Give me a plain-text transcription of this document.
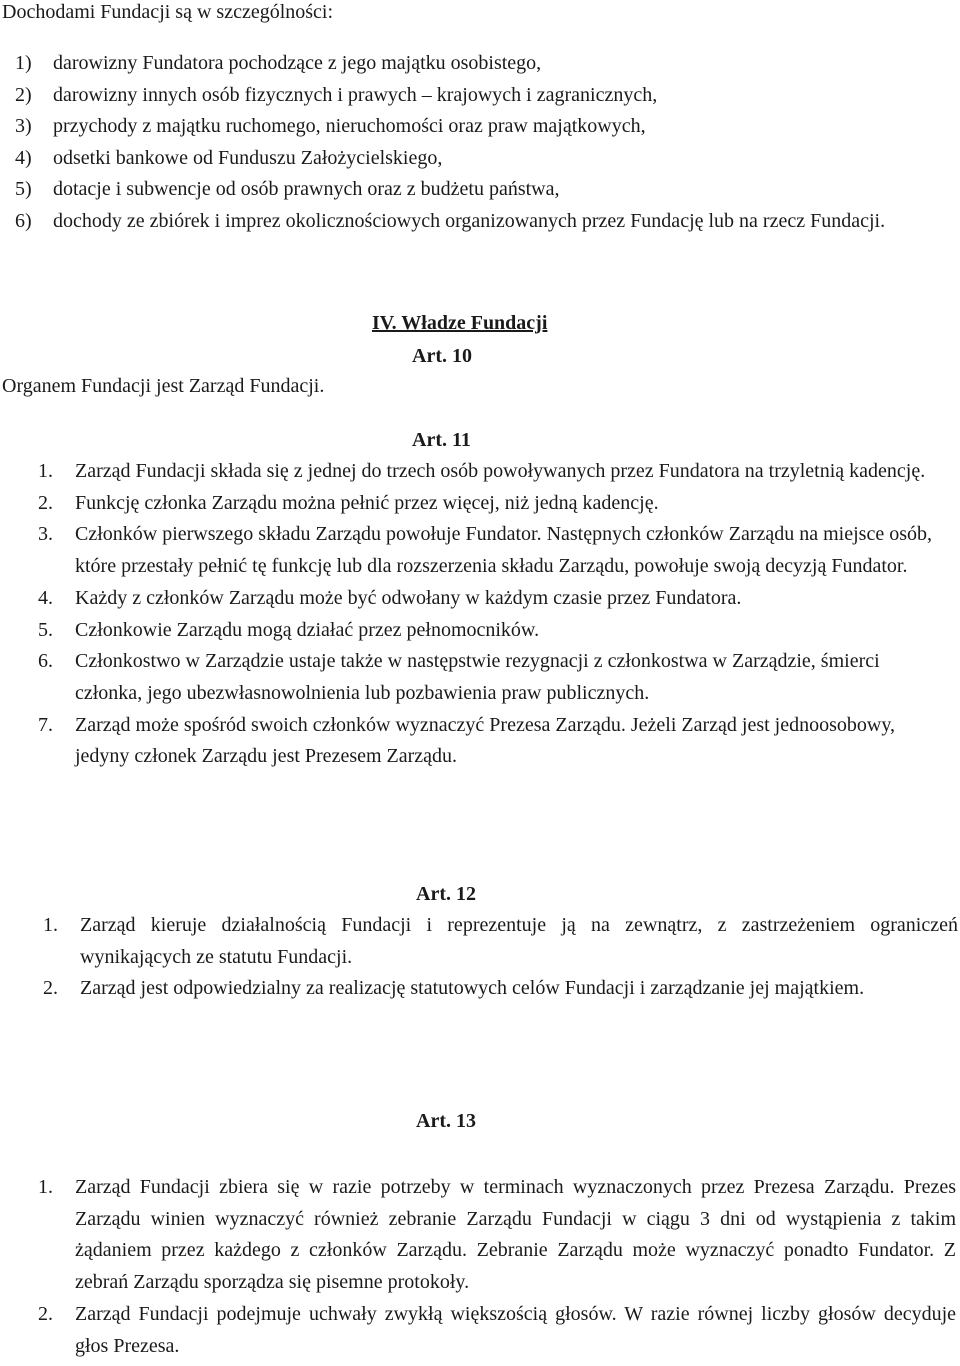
Dochodami Fundacji są w szczególności:
1) darowizny Fundatora pochodzące z jego majątku osobistego,
2) darowizny innych osób fizycznych i prawych – krajowych i zagranicznych,
3) przychody z majątku ruchomego, nieruchomości oraz praw majątkowych,
4) odsetki bankowe od Funduszu Założycielskiego,
5) dotacje i subwencje od osób prawnych oraz z budżetu państwa,
6) dochody ze zbiórek i imprez okolicznościowych organizowanych przez Fundację lub na rzecz Fundacji.
IV. Władze Fundacji
Art. 10
Organem Fundacji jest Zarząd Fundacji.
Art. 11
1. Zarząd Fundacji składa się z jednej do trzech osób powoływanych przez Fundatora na trzyletnią kadencję.
2. Funkcję członka Zarządu można pełnić przez więcej, niż jedną kadencję.
3. Członków pierwszego składu Zarządu powołuje Fundator. Następnych członków Zarządu na miejsce osób, które przestały pełnić tę funkcję lub dla rozszerzenia składu Zarządu, powołuje swoją decyzją Fundator.
4. Każdy z członków Zarządu może być odwołany w każdym czasie przez Fundatora.
5. Członkowie Zarządu mogą działać przez pełnomocników.
6. Członkostwo w Zarządzie ustaje także w następstwie rezygnacji z członkostwa w Zarządzie, śmierci członka, jego ubezwłasnowolnienia lub pozbawienia praw publicznych.
7. Zarząd może spośród swoich członków wyznaczyć Prezesa Zarządu. Jeżeli Zarząd jest jednoosobowy, jedyny członek Zarządu jest Prezesem Zarządu.
Art. 12
1. Zarząd kieruje działalnością Fundacji i reprezentuje ją na zewnątrz, z zastrzeżeniem ograniczeń wynikających ze statutu Fundacji.
2. Zarząd jest odpowiedzialny za realizację statutowych celów Fundacji i zarządzanie jej majątkiem.
Art. 13
1. Zarząd Fundacji zbiera się w razie potrzeby w terminach wyznaczonych przez Prezesa Zarządu. Prezes Zarządu winien wyznaczyć również zebranie Zarządu Fundacji w ciągu 3 dni od wystąpienia z takim żądaniem przez każdego z członków Zarządu. Zebranie Zarządu może wyznaczyć ponadto Fundator. Z zebrań Zarządu sporządza się pisemne protokoły.
2. Zarząd Fundacji podejmuje uchwały zwykłą większością głosów. W razie równej liczby głosów decyduje głos Prezesa.
